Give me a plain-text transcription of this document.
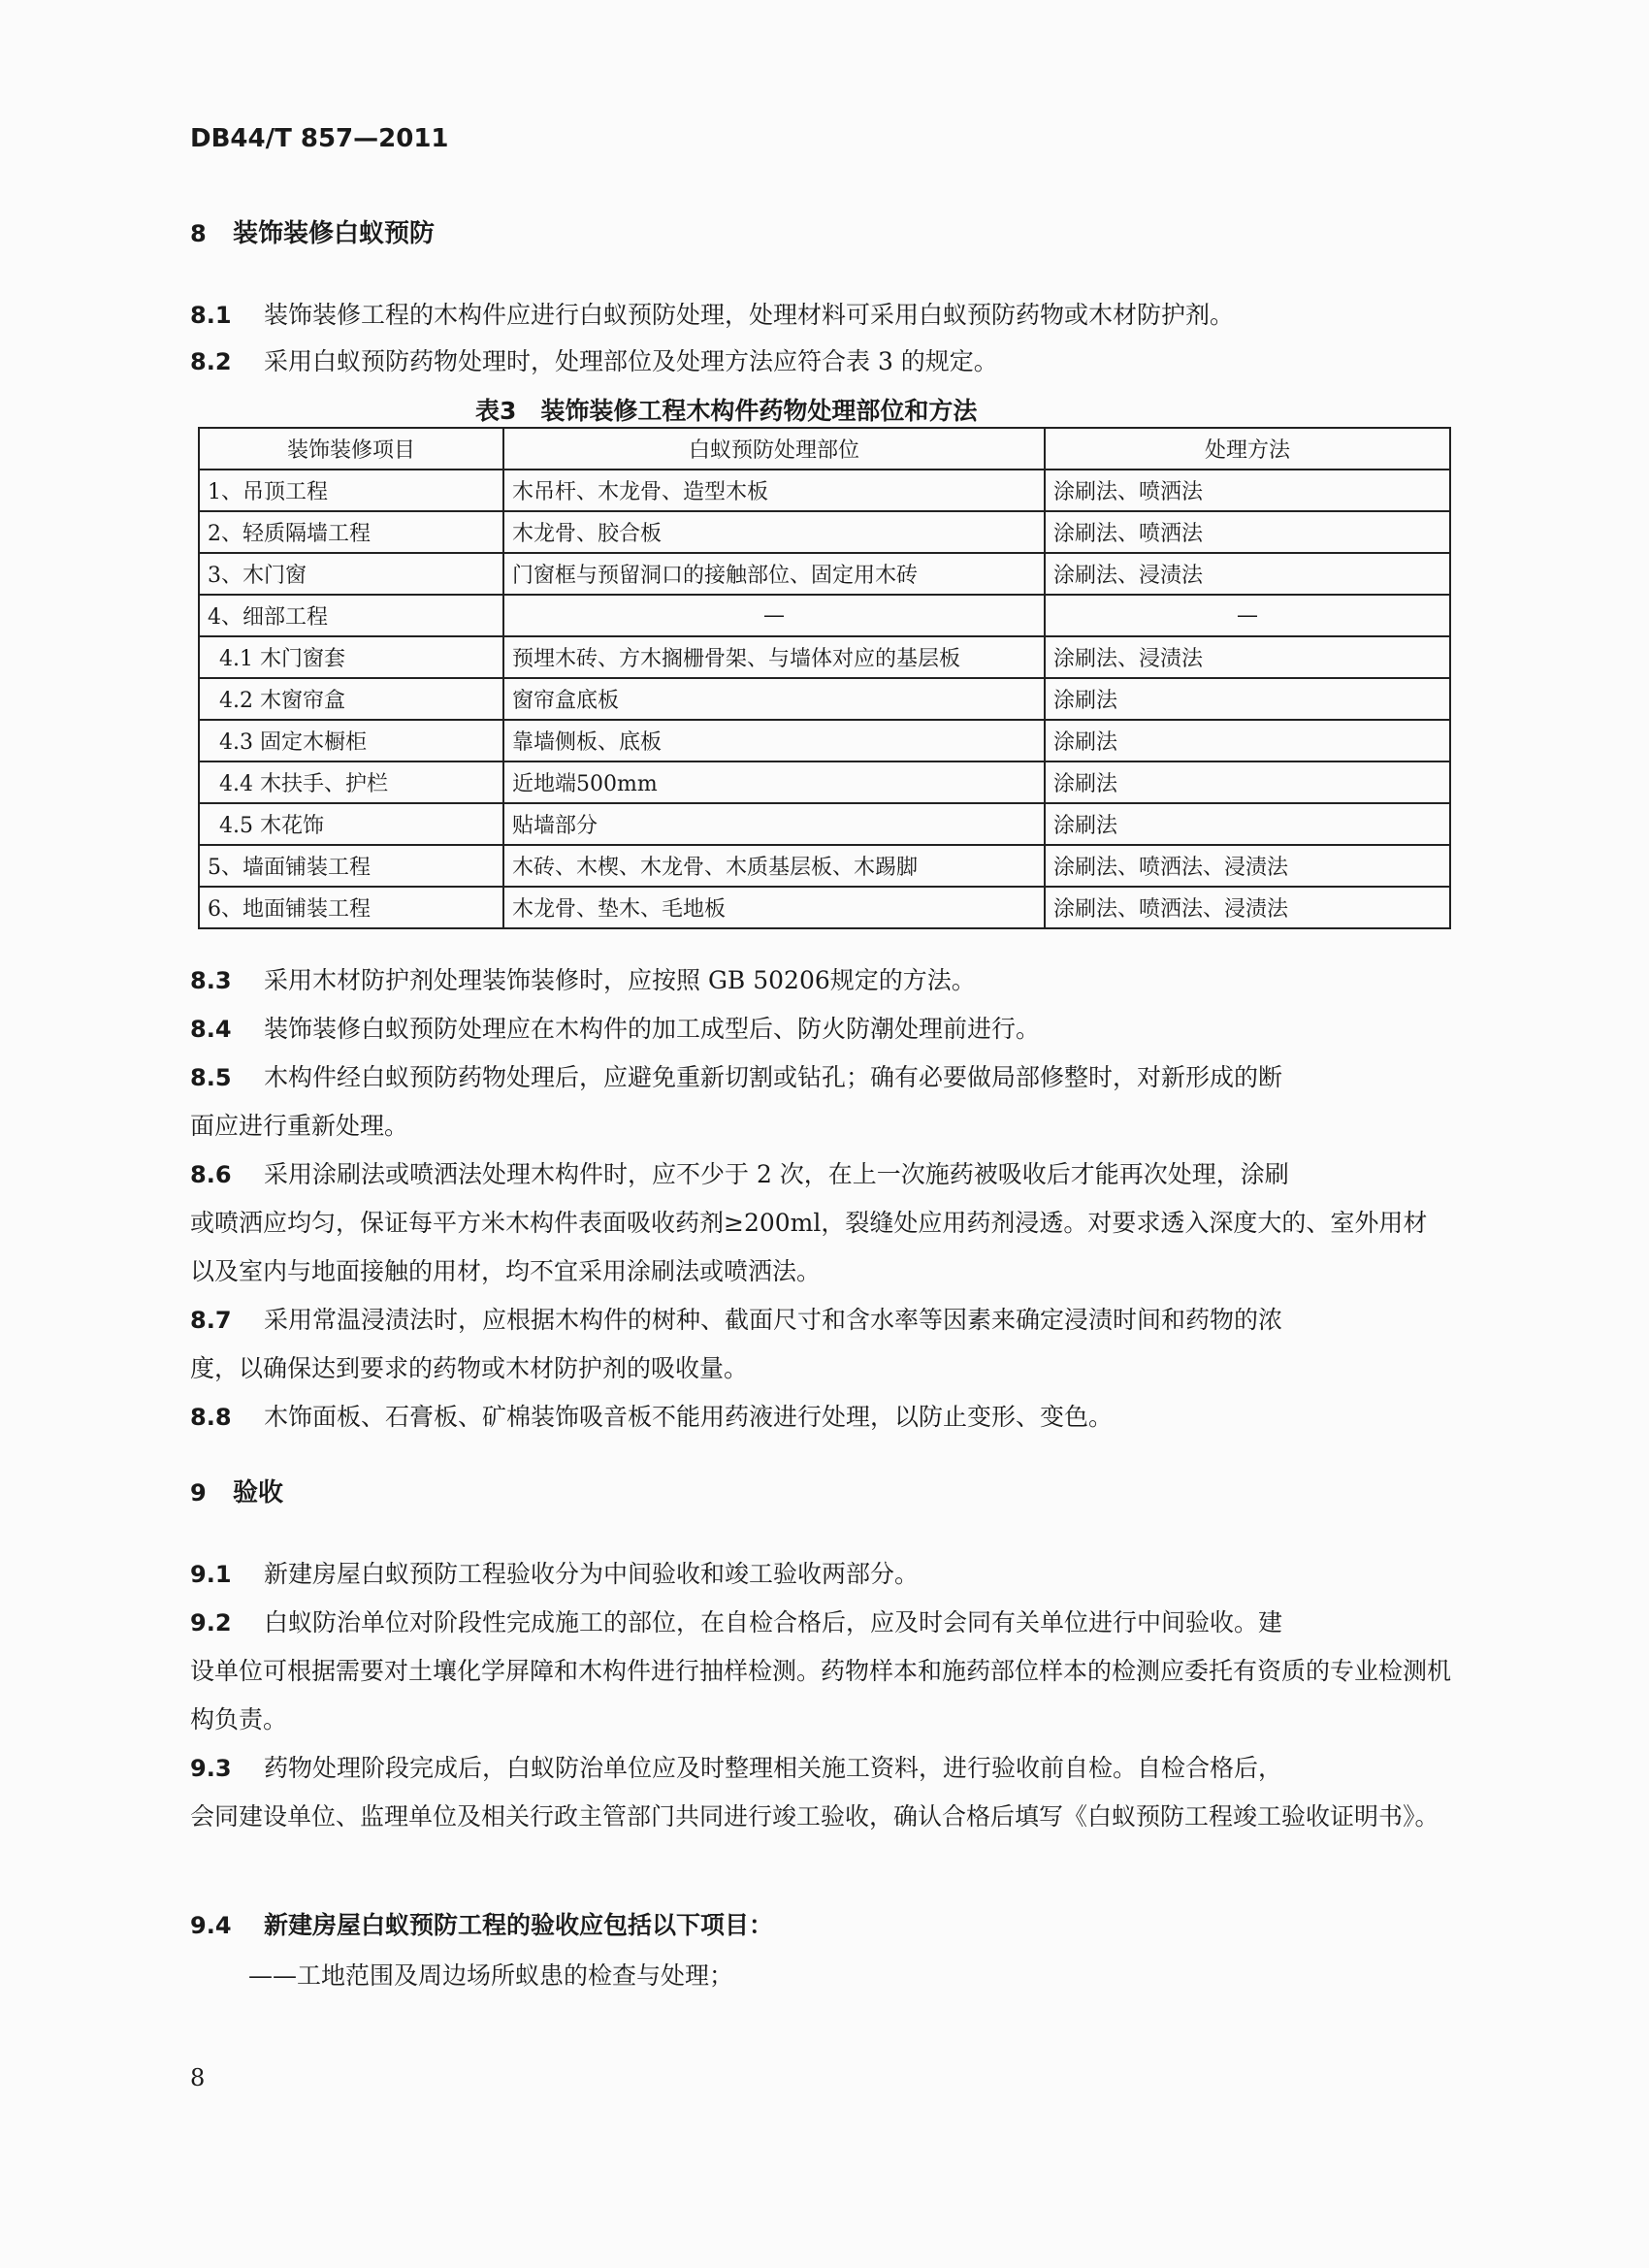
DB44/T 857—2011
8 装饰装修白蚁预防
8.1 装饰装修工程的木构件应进行白蚁预防处理，处理材料可采用白蚁预防药物或木材防护剂。
8.2 采用白蚁预防药物处理时，处理部位及处理方法应符合表 3 的规定。
表3　装饰装修工程木构件药物处理部位和方法
装饰装修项目	白蚁预防处理部位	处理方法
1、吊顶工程	木吊杆、木龙骨、造型木板	涂刷法、喷洒法
2、轻质隔墙工程	木龙骨、胶合板	涂刷法、喷洒法
3、木门窗	门窗框与预留洞口的接触部位、固定用木砖	涂刷法、浸渍法
4、细部工程	—	—
4.1 木门窗套	预埋木砖、方木搁栅骨架、与墙体对应的基层板	涂刷法、浸渍法
4.2 木窗帘盒	窗帘盒底板	涂刷法
4.3 固定木橱柜	靠墙侧板、底板	涂刷法
4.4 木扶手、护栏	近地端500mm	涂刷法
4.5 木花饰	贴墙部分	涂刷法
5、墙面铺装工程	木砖、木楔、木龙骨、木质基层板、木踢脚	涂刷法、喷洒法、浸渍法
6、地面铺装工程	木龙骨、垫木、毛地板	涂刷法、喷洒法、浸渍法
8.3 采用木材防护剂处理装饰装修时，应按照 GB 50206规定的方法。
8.4 装饰装修白蚁预防处理应在木构件的加工成型后、防火防潮处理前进行。
8.5 木构件经白蚁预防药物处理后，应避免重新切割或钻孔；确有必要做局部修整时，对新形成的断
面应进行重新处理。
8.6 采用涂刷法或喷洒法处理木构件时，应不少于 2 次，在上一次施药被吸收后才能再次处理，涂刷
或喷洒应均匀，保证每平方米木构件表面吸收药剂≥200ml，裂缝处应用药剂浸透。对要求透入深度大的、室外用材以及室内与地面接触的用材，均不宜采用涂刷法或喷洒法。
8.7 采用常温浸渍法时，应根据木构件的树种、截面尺寸和含水率等因素来确定浸渍时间和药物的浓
度，以确保达到要求的药物或木材防护剂的吸收量。
8.8 木饰面板、石膏板、矿棉装饰吸音板不能用药液进行处理，以防止变形、变色。
9 验收
9.1 新建房屋白蚁预防工程验收分为中间验收和竣工验收两部分。
9.2 白蚁防治单位对阶段性完成施工的部位，在自检合格后，应及时会同有关单位进行中间验收。建
设单位可根据需要对土壤化学屏障和木构件进行抽样检测。药物样本和施药部位样本的检测应委托有资质的专业检测机构负责。
9.3 药物处理阶段完成后，白蚁防治单位应及时整理相关施工资料，进行验收前自检。自检合格后，
会同建设单位、监理单位及相关行政主管部门共同进行竣工验收，确认合格后填写《白蚁预防工程竣工验收证明书》。
9.4 新建房屋白蚁预防工程的验收应包括以下项目：
——工地范围及周边场所蚁患的检查与处理；
8
